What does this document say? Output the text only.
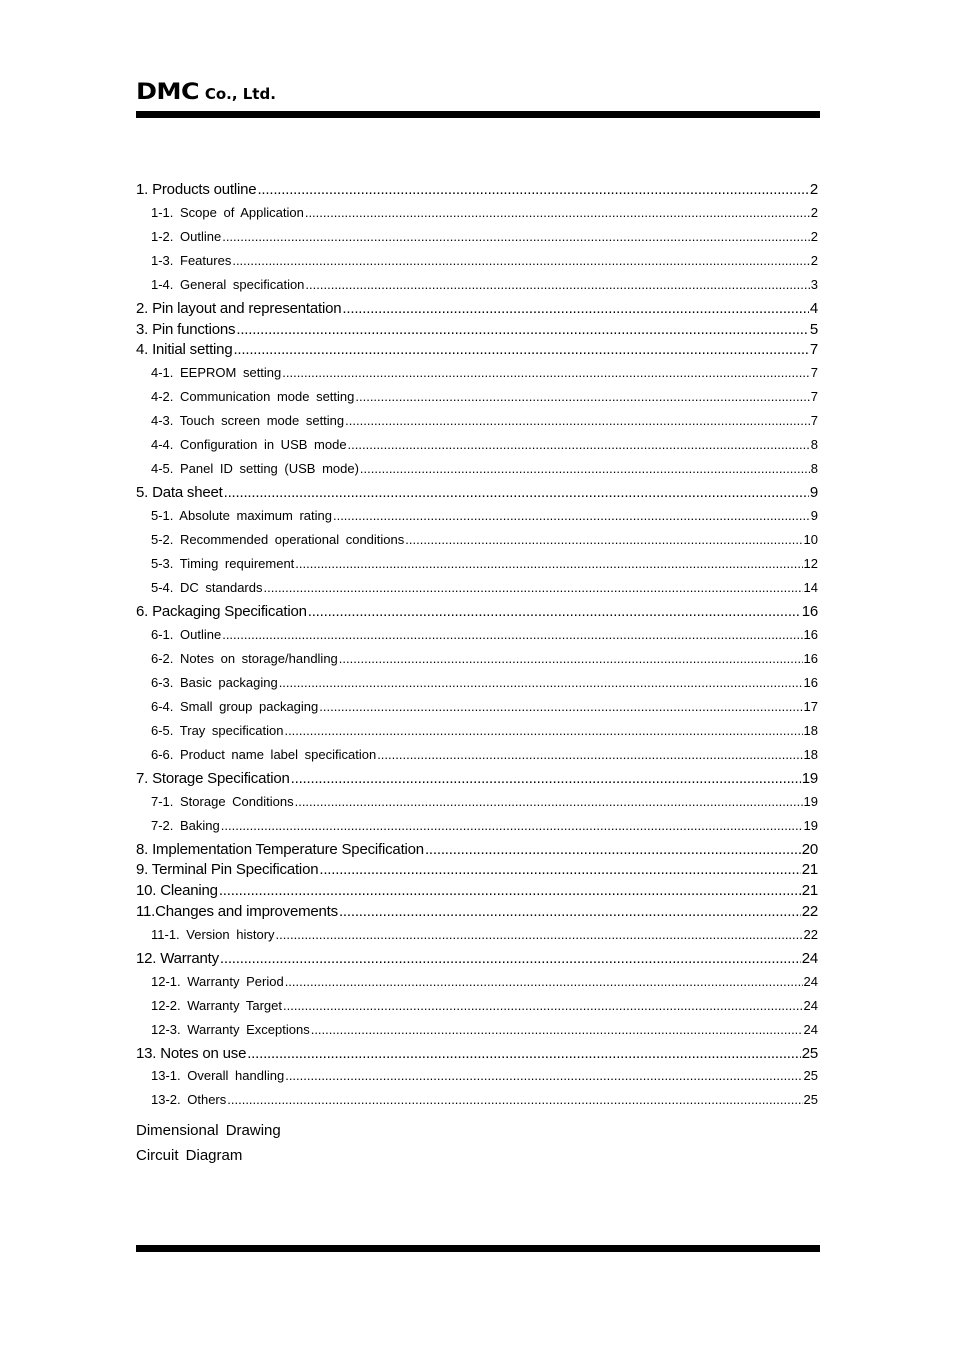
DMC Co., Ltd.
1. Products outline .....	2
1-1. Scope of Application .....	2
1-2. Outline .....	2
1-3. Features .....	2
1-4. General specification .....	3
2. Pin layout and representation .....	4
3. Pin functions .....	5
4. Initial setting .....	7
4-1. EEPROM setting .....	7
4-2. Communication mode setting .....	7
4-3. Touch screen mode setting .....	7
4-4. Configuration in USB mode .....	8
4-5. Panel ID setting (USB mode) .....	8
5. Data sheet .....	9
5-1. Absolute maximum rating .....	9
5-2. Recommended operational conditions .....	10
5-3. Timing requirement .....	12
5-4. DC standards .....	14
6. Packaging Specification .....	16
6-1. Outline .....	16
6-2. Notes on storage/handling .....	16
6-3. Basic packaging .....	16
6-4. Small group packaging .....	17
6-5. Tray specification .....	18
6-6. Product name label specification .....	18
7. Storage Specification .....	19
7-1. Storage Conditions .....	19
7-2. Baking .....	19
8. Implementation Temperature Specification .....	20
9. Terminal Pin Specification .....	21
10. Cleaning .....	21
11.Changes and improvements .....	22
11-1. Version history .....	22
12. Warranty .....	24
12-1. Warranty Period .....	24
12-2. Warranty Target .....	24
12-3. Warranty Exceptions .....	24
13. Notes on use .....	25
13-1. Overall handling .....	25
13-2. Others .....	25
Dimensional Drawing
Circuit Diagram
